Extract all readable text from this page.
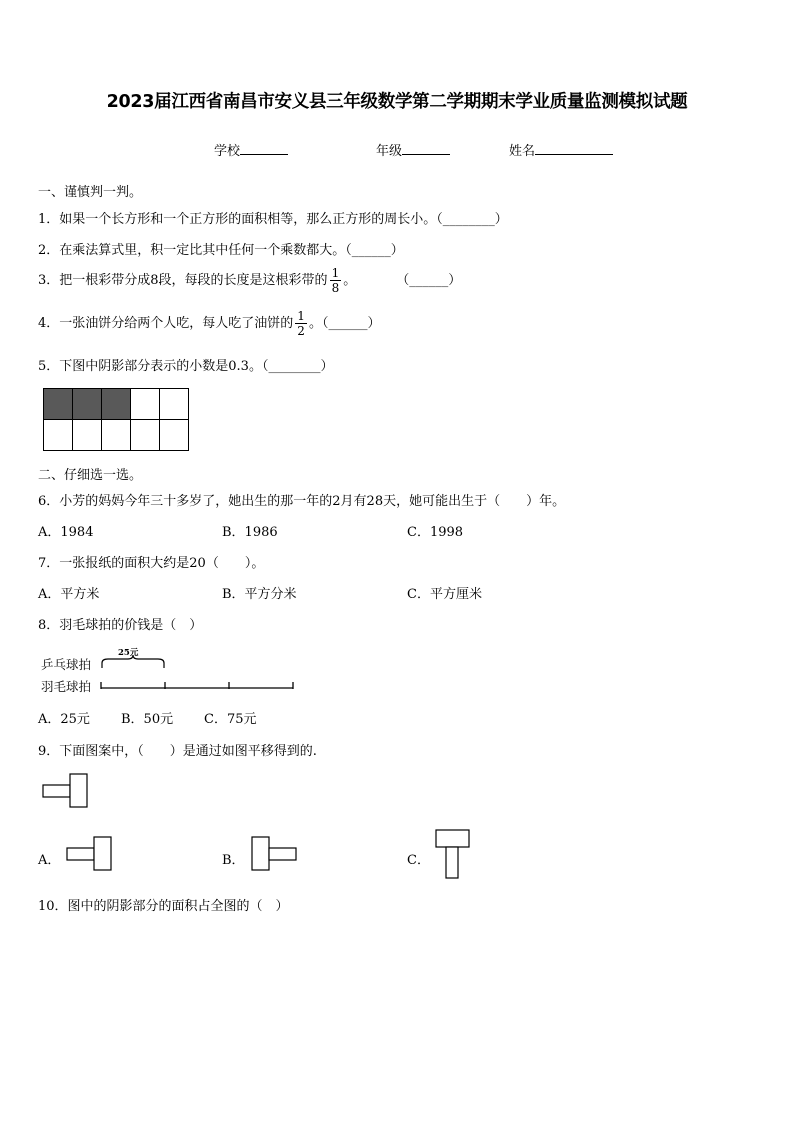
2023届江西省南昌市安义县三年级数学第二学期期末学业质量监测模拟试题
学校	年级	姓名
一、谨慎判一判。
1．如果一个长方形和一个正方形的面积相等，那么正方形的周长小。（________）
2．在乘法算式里，积一定比其中任何一个乘数都大。（______）
3．把一根彩带分成8段，每段的长度是这根彩带的 $\frac{1}{8}$ 。	（______）
4．一张油饼分给两个人吃，每人吃了油饼的 $\frac{1}{2}$ 。（______）
5．下图中阴影部分表示的小数是0.3。（________）

二、仔细选一选。
6．小芳的妈妈今年三十多岁了，她出生的那一年的2月有28天，她可能出生于（　　）年。
A．1984	B．1986	C．1998
7．一张报纸的面积大约是20（　　）。
A．平方米	B．平方分米	C．平方厘米
8．羽毛球拍的价钱是（　）
乒乓球拍
羽毛球拍
25元
A．25元 B．50元 C．75元
9．下面图案中，（　　）是通过如图平移得到的.
A．	B．	C．
10．图中的阴影部分的面积占全图的（　）
